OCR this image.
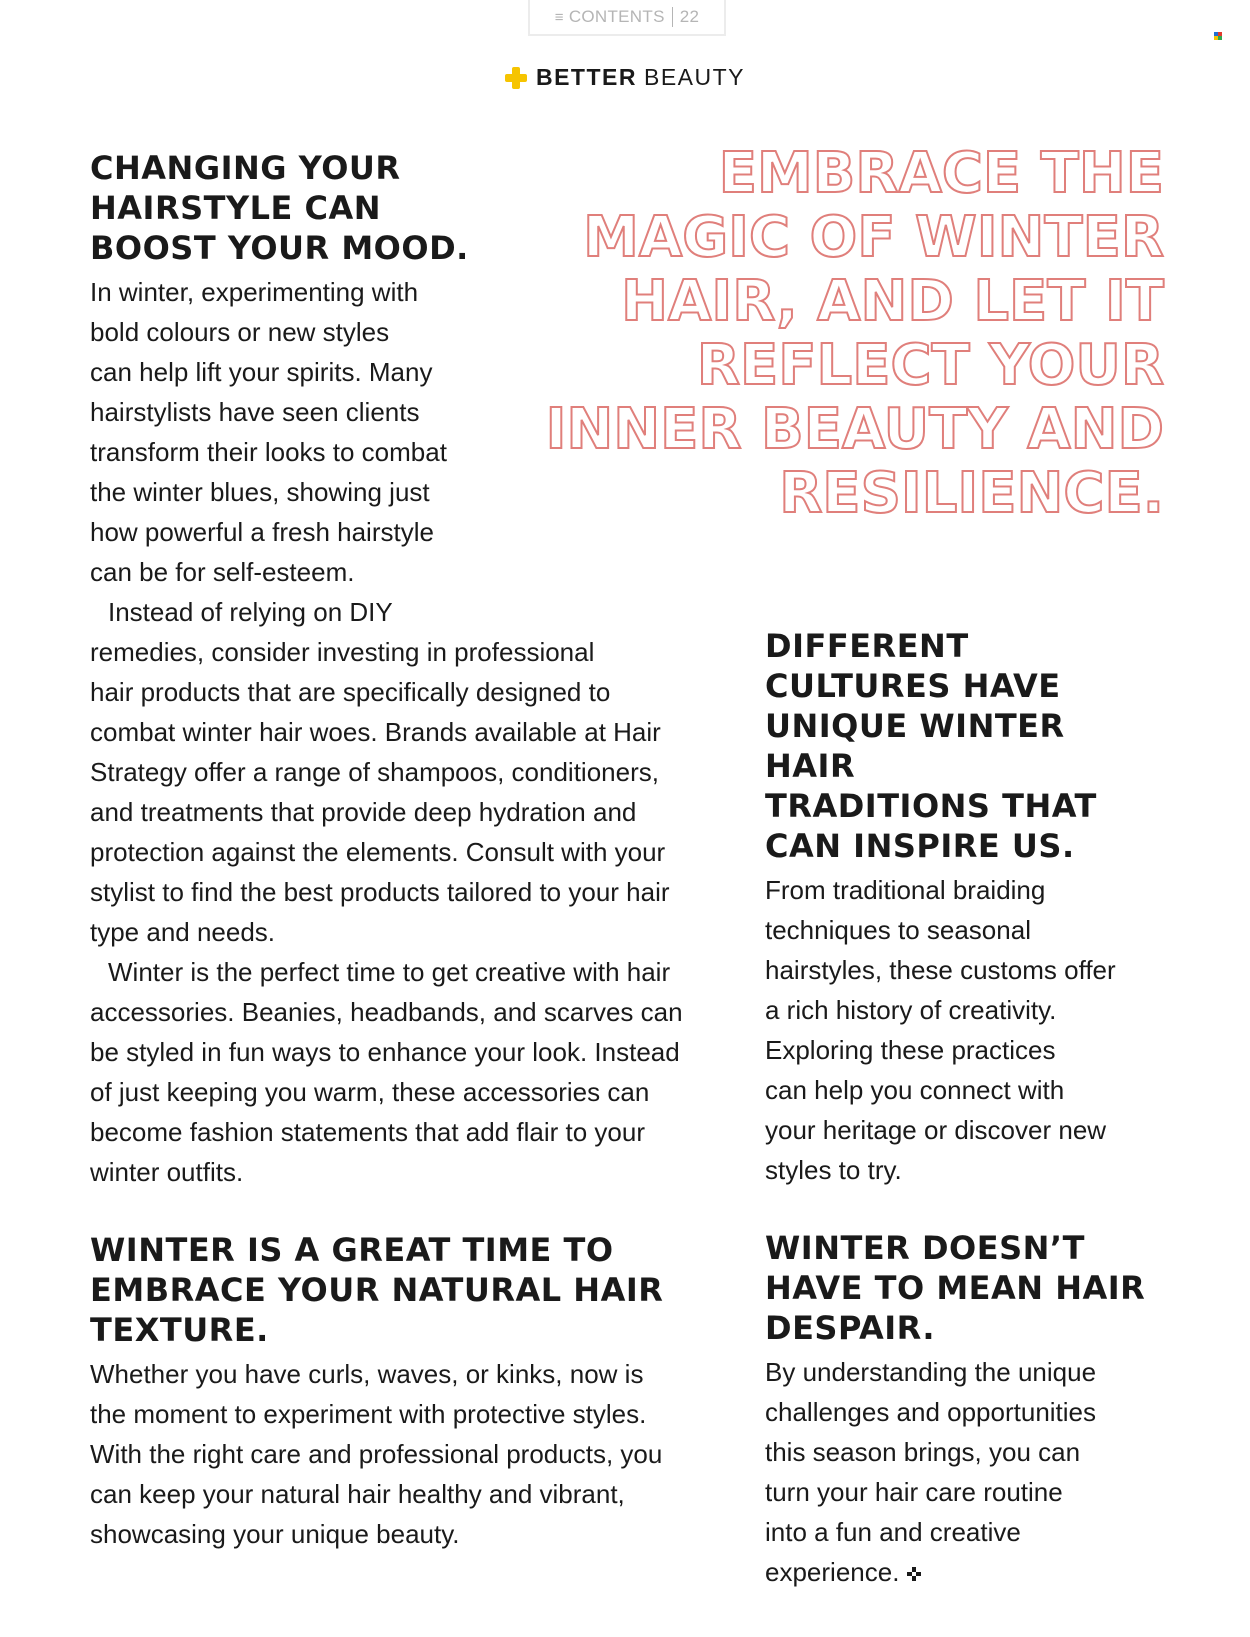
≡ CONTENTS 22
BETTER BEAUTY
CHANGING YOUR
HAIRSTYLE CAN
BOOST YOUR MOOD.

In winter, experimenting with
bold colours or new styles
can help lift your spirits. Many
hairstylists have seen clients
transform their looks to combat
the winter blues, showing just
how powerful a fresh hairstyle
can be for self-esteem.

Instead of relying on DIY
remedies, consider investing in professional
hair products that are specifically designed to
combat winter hair woes. Brands available at Hair
Strategy offer a range of shampoos, conditioners,
and treatments that provide deep hydration and
protection against the elements. Consult with your
stylist to find the best products tailored to your hair
type and needs.

Winter is the perfect time to get creative with hair
accessories. Beanies, headbands, and scarves can
be styled in fun ways to enhance your look. Instead
of just keeping you warm, these accessories can
become fashion statements that add flair to your
winter outfits.

WINTER IS A GREAT TIME TO
EMBRACE YOUR NATURAL HAIR
TEXTURE.

Whether you have curls, waves, or kinks, now is
the moment to experiment with protective styles.
With the right care and professional products, you
can keep your natural hair healthy and vibrant,
showcasing your unique beauty.

EMBRACE THE
MAGIC OF WINTER
HAIR, AND LET IT
REFLECT YOUR
INNER BEAUTY AND
RESILIENCE.
DIFFERENT
CULTURES HAVE
UNIQUE WINTER HAIR
TRADITIONS THAT
CAN INSPIRE US.

From traditional braiding
techniques to seasonal
hairstyles, these customs offer
a rich history of creativity.
Exploring these practices
can help you connect with
your heritage or discover new
styles to try.

WINTER DOESN’T
HAVE TO MEAN HAIR
DESPAIR.

By understanding the unique
challenges and opportunities
this season brings, you can
turn your hair care routine
into a fun and creative
experience.
